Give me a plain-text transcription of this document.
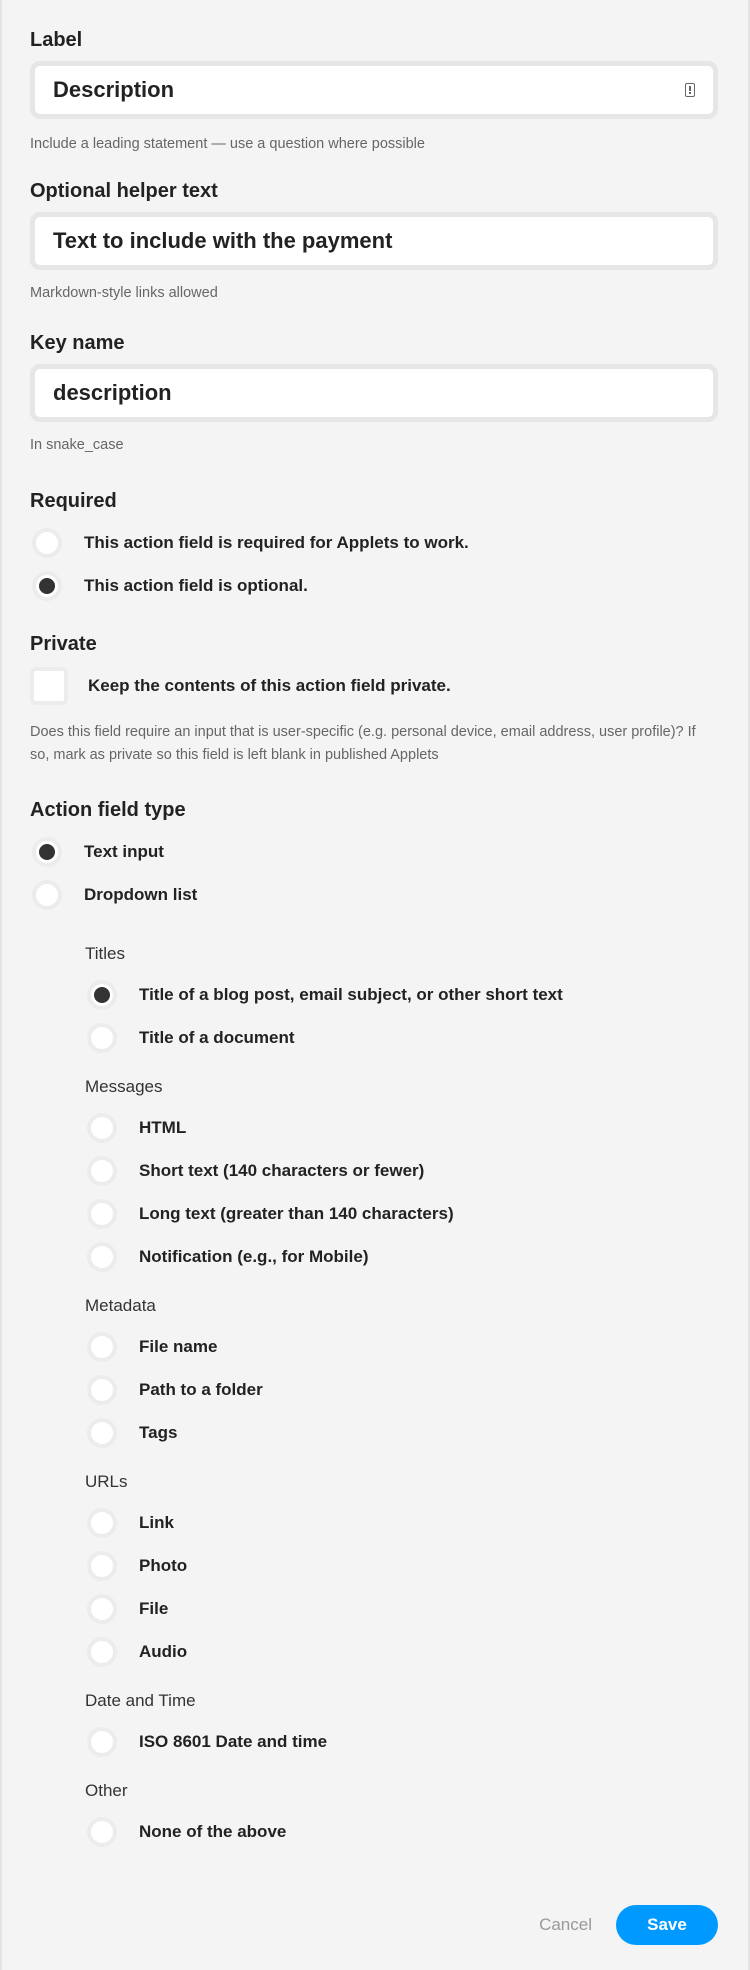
Label
Description
Include a leading statement — use a question where possible
Optional helper text
Text to include with the payment
Markdown-style links allowed
Key name
description
In snake_case
Required
This action field is required for Applets to work.
This action field is optional.
Private
Keep the contents of this action field private.
Does this field require an input that is user-specific (e.g. personal device, email address, user profile)? If so, mark as private so this field is left blank in published Applets
Action field type
Text input
Dropdown list
Titles
Title of a blog post, email subject, or other short text
Title of a document
Messages
HTML
Short text (140 characters or fewer)
Long text (greater than 140 characters)
Notification (e.g., for Mobile)
Metadata
File name
Path to a folder
Tags
URLs
Link
Photo
File
Audio
Date and Time
ISO 8601 Date and time
Other
None of the above
Cancel	Save
